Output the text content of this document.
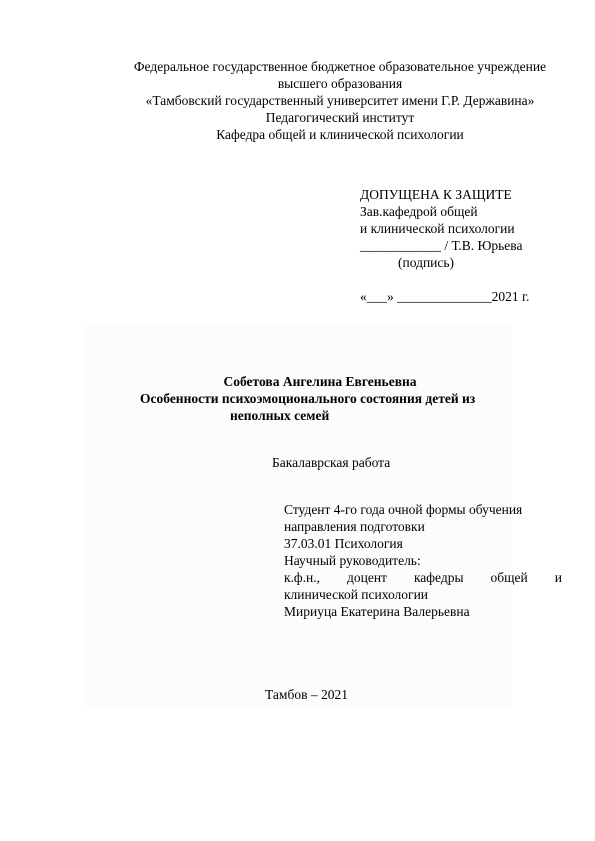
Федеральное государственное бюджетное образовательное учреждение
высшего образования
«Тамбовский государственный университет имени Г.Р. Державина»
Педагогический институт
Кафедра общей и клинической психологии
ДОПУЩЕНА К ЗАЩИТЕ
Зав.кафедрой общей
и клинической психологии
____________ / Т.В. Юрьева
(подпись)
«___» ______________2021 г.
Собетова Ангелина Евгеньевна
Особенности психоэмоционального состояния детей из
неполных семей
Бакалаврская работа
Студент 4-го года очной формы обучения
направления подготовки
37.03.01 Психология
Научный руководитель:
к.ф.н., доцент кафедры общей и
клинической психологии
Мириуца Екатерина Валерьевна
Тамбов – 2021
